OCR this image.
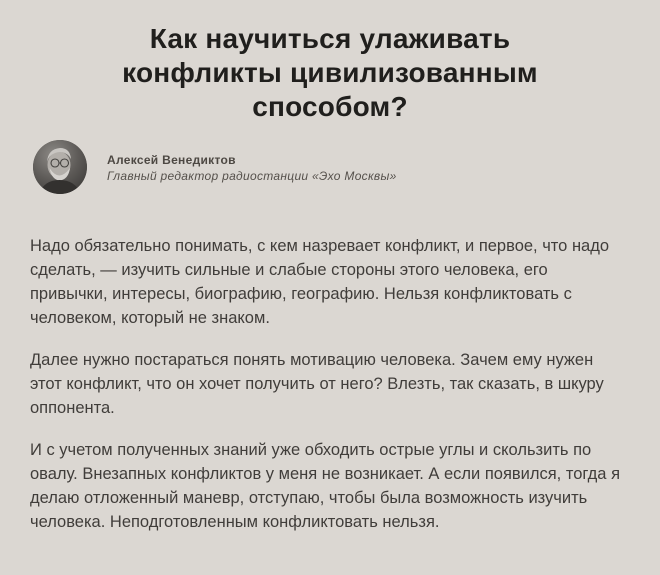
Как научиться улаживать
конфликты цивилизованным
способом?
Алексей Венедиктов
Главный редактор радиостанции «Эхо Москвы»

Надо обязательно понимать, с кем назревает конфликт, и первое, что надо сделать, — изучить сильные и слабые стороны этого человека, его привычки, интересы, биографию, географию. Нельзя конфликтовать с человеком, который не знаком.

Далее нужно постараться понять мотивацию человека. Зачем ему нужен этот конфликт, что он хочет получить от него? Влезть, так сказать, в шкуру оппонента.

И с учетом полученных знаний уже обходить острые углы и скользить по овалу. Внезапных конфликтов у меня не возникает. А если появился, тогда я делаю отложенный маневр, отступаю, чтобы была возможность изучить человека. Неподготовленным конфликтовать нельзя.
